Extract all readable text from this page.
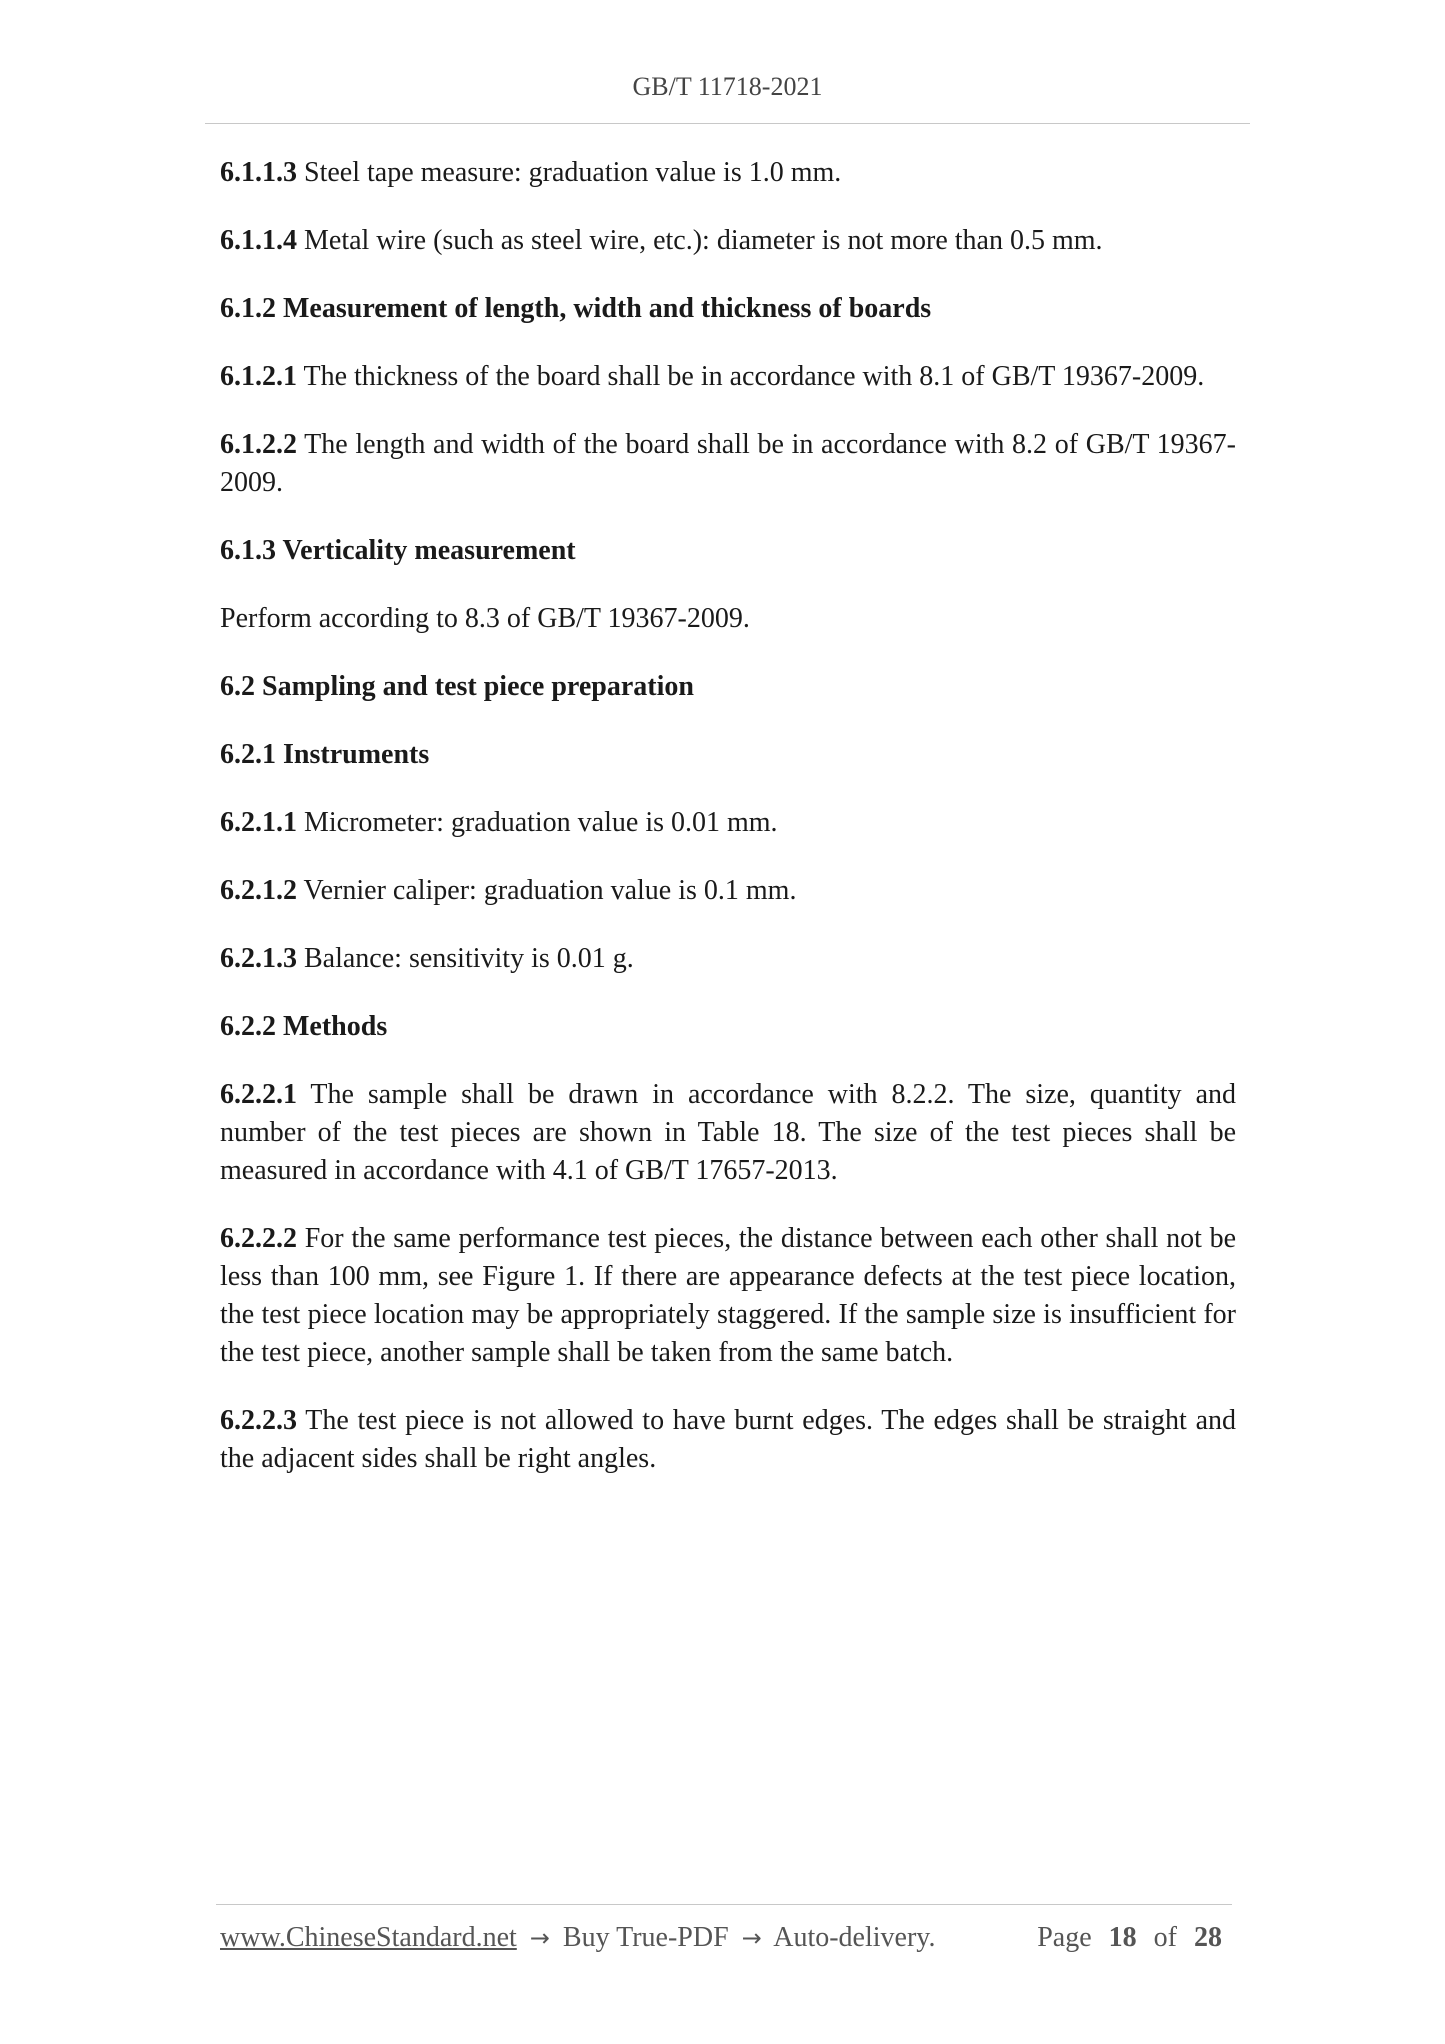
GB/T 11718-2021

6.1.1.3 Steel tape measure: graduation value is 1.0 mm.

6.1.1.4 Metal wire (such as steel wire, etc.): diameter is not more than 0.5 mm.

6.1.2 Measurement of length, width and thickness of boards

6.1.2.1 The thickness of the board shall be in accordance with 8.1 of GB/T 19367-2009.

6.1.2.2 The length and width of the board shall be in accordance with 8.2 of GB/T 19367-2009.

6.1.3 Verticality measurement

Perform according to 8.3 of GB/T 19367-2009.

6.2 Sampling and test piece preparation

6.2.1 Instruments

6.2.1.1 Micrometer: graduation value is 0.01 mm.

6.2.1.2 Vernier caliper: graduation value is 0.1 mm.

6.2.1.3 Balance: sensitivity is 0.01 g.

6.2.2 Methods

6.2.2.1 The sample shall be drawn in accordance with 8.2.2. The size, quantity and number of the test pieces are shown in Table 18. The size of the test pieces shall be measured in accordance with 4.1 of GB/T 17657-2013.

6.2.2.2 For the same performance test pieces, the distance between each other shall not be less than 100 mm, see Figure 1. If there are appearance defects at the test piece location, the test piece location may be appropriately staggered. If the sample size is insufficient for the test piece, another sample shall be taken from the same batch.

6.2.2.3 The test piece is not allowed to have burnt edges. The edges shall be straight and the adjacent sides shall be right angles.

www.ChineseStandard.net → Buy True-PDF → Auto-delivery.	Page 18 of 28
